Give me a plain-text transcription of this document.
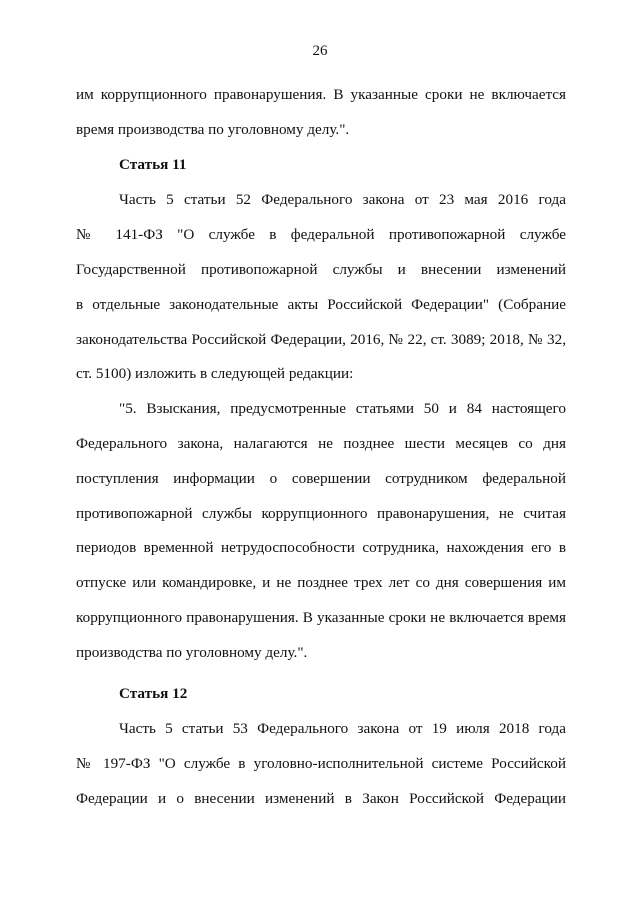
26

им коррупционного правонарушения. В указанные сроки не включается
время производства по уголовному делу.".

Статья 11

Часть 5 статьи 52 Федерального закона от 23 мая 2016 года
№ 141-ФЗ "О службе в федеральной противопожарной службе
Государственной противопожарной службы и внесении изменений
в отдельные законодательные акты Российской Федерации" (Собрание
законодательства Российской Федерации, 2016, № 22, ст. 3089; 2018, № 32,
ст. 5100) изложить в следующей редакции:

"5. Взыскания, предусмотренные статьями 50 и 84 настоящего
Федерального закона, налагаются не позднее шести месяцев со дня
поступления информации о совершении сотрудником федеральной
противопожарной службы коррупционного правонарушения, не считая
периодов временной нетрудоспособности сотрудника, нахождения его в
отпуске или командировке, и не позднее трех лет со дня совершения им
коррупционного правонарушения. В указанные сроки не включается время
производства по уголовному делу.".

Статья 12

Часть 5 статьи 53 Федерального закона от 19 июля 2018 года
№ 197-ФЗ "О службе в уголовно-исполнительной системе Российской
Федерации и о внесении изменений в Закон Российской Федерации
